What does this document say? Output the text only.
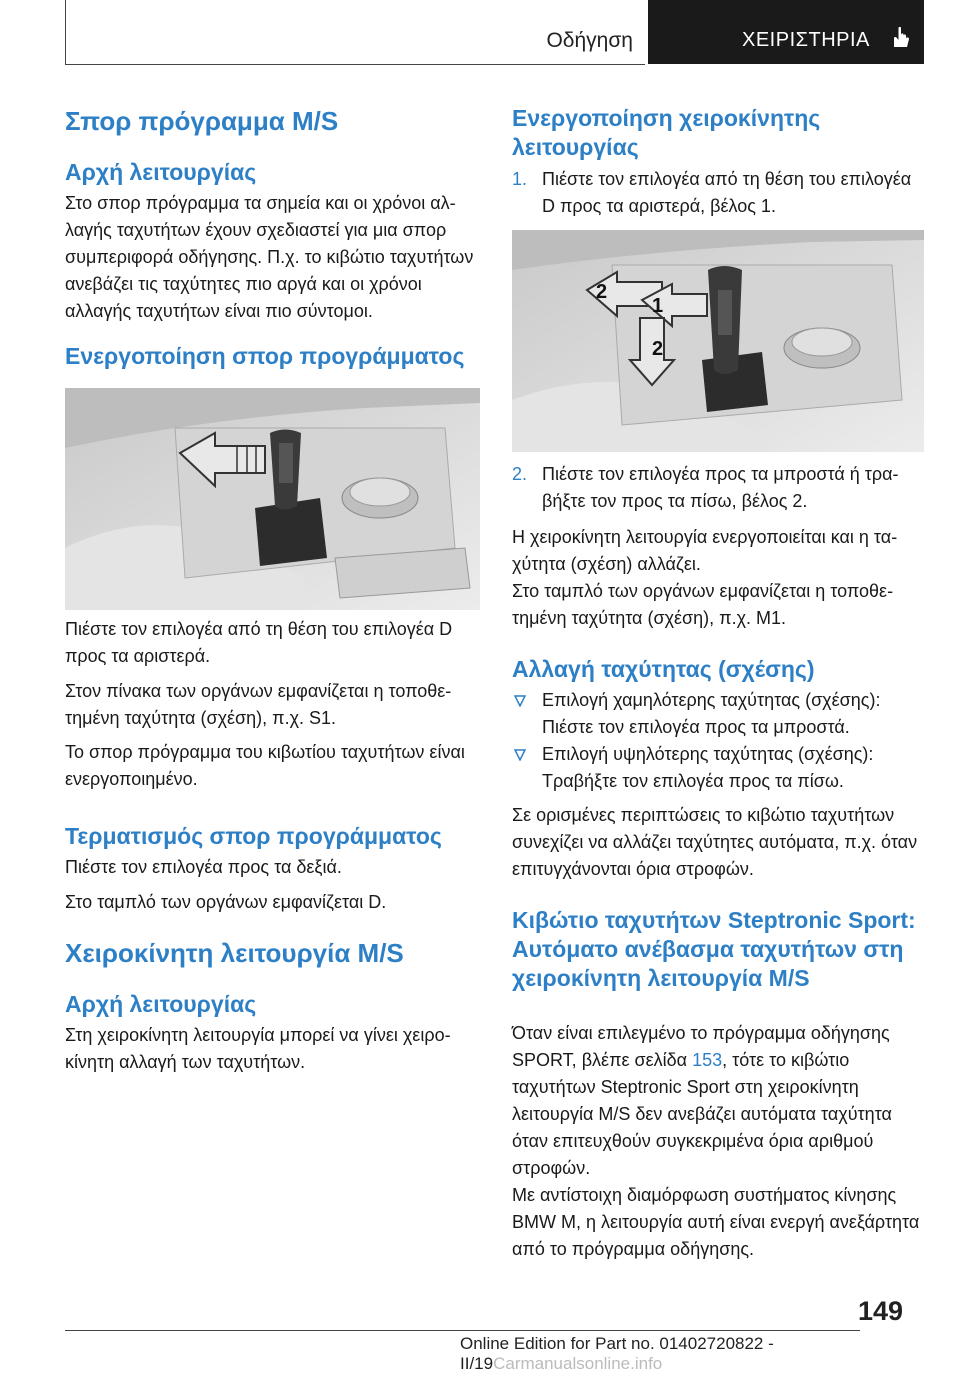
Οδήγηση	ΧΕΙΡΙΣΤΗΡΙΑ
Σπορ πρόγραμμα M/S
Αρχή λειτουργίας

Στο σπορ πρόγραμμα τα σημεία και οι χρόνοι αλλαγής ταχυτήτων έχουν σχεδιαστεί για μια σπορ συμπεριφορά οδήγησης. Π.χ. το κιβώτιο ταχυτήτων ανεβάζει τις ταχύτητες πιο αργά και οι χρόνοι αλλαγής ταχυτήτων είναι πιο σύντομοι.

Ενεργοποίηση σπορ προγράμματος

Πιέστε τον επιλογέα από τη θέση του επιλογέα D προς τα αριστερά.

Στον πίνακα των οργάνων εμφανίζεται η τοποθετημένη ταχύτητα (σχέση), π.χ. S1.

Το σπορ πρόγραμμα του κιβωτίου ταχυτήτων είναι ενεργοποιημένο.

Τερματισμός σπορ προγράμματος

Πιέστε τον επιλογέα προς τα δεξιά.

Στο ταμπλό των οργάνων εμφανίζεται D.

Χειροκίνητη λειτουργία M/S
Αρχή λειτουργίας

Στη χειροκίνητη λειτουργία μπορεί να γίνει χειροκίνητη αλλαγή των ταχυτήτων.

Ενεργοποίηση χειροκίνητης λειτουργίας
1. Πιέστε τον επιλογέα από τη θέση του επιλογέα D προς τα αριστερά, βέλος 1.
2
1
2
2. Πιέστε τον επιλογέα προς τα μπροστά ή τραβήξτε τον προς τα πίσω, βέλος 2.

Η χειροκίνητη λειτουργία ενεργοποιείται και η ταχύτητα (σχέση) αλλάζει.

Στο ταμπλό των οργάνων εμφανίζεται η τοποθετημένη ταχύτητα (σχέση), π.χ. M1.

Αλλαγή ταχύτητας (σχέσης)
Επιλογή χαμηλότερης ταχύτητας (σχέσης): Πιέστε τον επιλογέα προς τα μπροστά.
Επιλογή υψηλότερης ταχύτητας (σχέσης): Τραβήξτε τον επιλογέα προς τα πίσω.

Σε ορισμένες περιπτώσεις το κιβώτιο ταχυτήτων συνεχίζει να αλλάζει ταχύτητες αυτόματα, π.χ. όταν επιτυγχάνονται όρια στροφών.

Κιβώτιο ταχυτήτων Steptronic Sport: Αυτόματο ανέβασμα ταχυτήτων στη χειροκίνητη λειτουργία M/S

Όταν είναι επιλεγμένο το πρόγραμμα οδήγησης SPORT, βλέπε σελίδα 153, τότε το κιβώτιο ταχυτήτων Steptronic Sport στη χειροκίνητη λειτουργία M/S δεν ανεβάζει αυτόματα ταχύτητα όταν επιτευχθούν συγκεκριμένα όρια αριθμού στροφών.

Με αντίστοιχη διαμόρφωση συστήματος κίνησης BMW M, η λειτουργία αυτή είναι ενεργή ανεξάρτητα από το πρόγραμμα οδήγησης.

149
Online Edition for Part no. 01402720822 - II/19Carmanualsonline.info
